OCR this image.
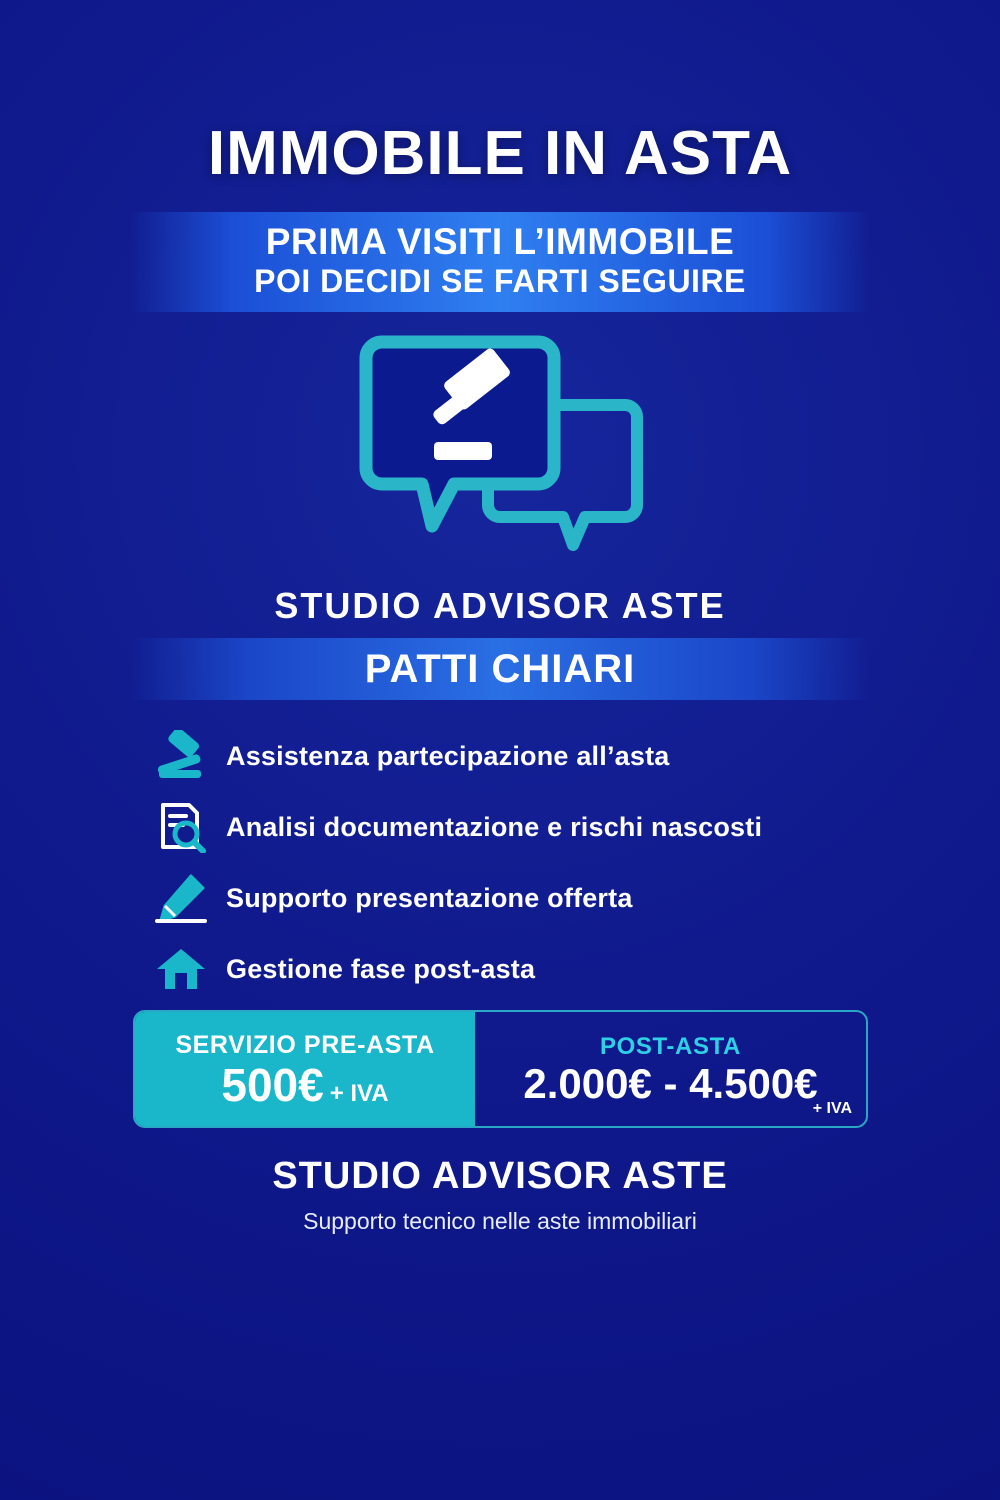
IMMOBILE IN ASTA
PRIMA VISITI L’IMMOBILE
POI DECIDI SE FARTI SEGUIRE
STUDIO ADVISOR ASTE
PATTI CHIARI
Assistenza partecipazione all’asta
Analisi documentazione e rischi nascosti
Supporto presentazione offerta
Gestione fase post-asta
SERVIZIO PRE-ASTA
500€ + IVA
POST-ASTA
2.000€ - 4.500€
+ IVA
STUDIO ADVISOR ASTE
Supporto tecnico nelle aste immobiliari
